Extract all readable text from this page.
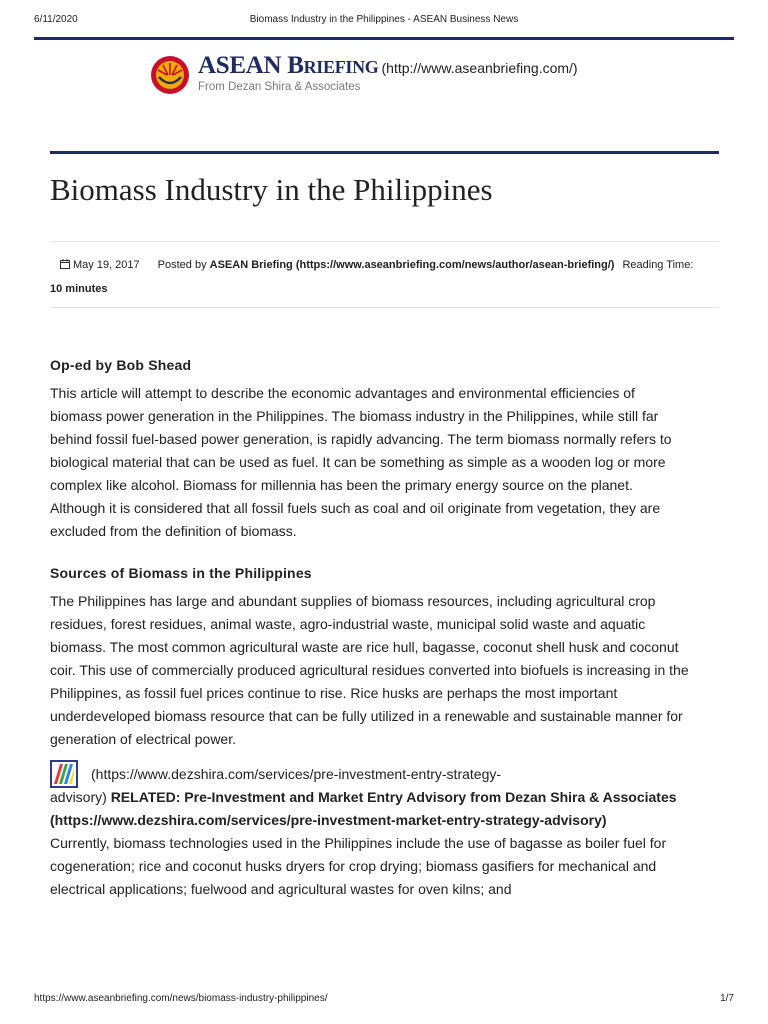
6/11/2020	Biomass Industry in the Philippines - ASEAN Business News
ASEAN Briefing (http://www.aseanbriefing.com/)
From Dezan Shira & Associates
Biomass Industry in the Philippines
May 19, 2017 Posted by ASEAN Briefing (https://www.aseanbriefing.com/news/author/asean-briefing/) Reading Time:
10 minutes
Op-ed by Bob Shead

This article will attempt to describe the economic advantages and environmental efficiencies of biomass power generation in the Philippines. The biomass industry in the Philippines, while still far behind fossil fuel-based power generation, is rapidly advancing. The term biomass normally refers to biological material that can be used as fuel. It can be something as simple as a wooden log or more complex like alcohol. Biomass for millennia has been the primary energy source on the planet. Although it is considered that all fossil fuels such as coal and oil originate from vegetation, they are excluded from the definition of biomass.

Sources of Biomass in the Philippines

The Philippines has large and abundant supplies of biomass resources, including agricultural crop residues, forest residues, animal waste, agro-industrial waste, municipal solid waste and aquatic biomass. The most common agricultural waste are rice hull, bagasse, coconut shell husk and coconut coir. This use of commercially produced agricultural residues converted into biofuels is increasing in the Philippines, as fossil fuel prices continue to rise. Rice husks are perhaps the most important underdeveloped biomass resource that can be fully utilized in a renewable and sustainable manner for generation of electrical power.

(https://www.dezshira.com/services/pre-investment-entry-strategy-
advisory) RELATED: Pre-Investment and Market Entry Advisory from Dezan Shira & Associates (https://www.dezshira.com/services/pre-investment-market-entry-strategy-advisory)

Currently, biomass technologies used in the Philippines include the use of bagasse as boiler fuel for cogeneration; rice and coconut husks dryers for crop drying; biomass gasifiers for mechanical and electrical applications; fuelwood and agricultural wastes for oven kilns; and

https://www.aseanbriefing.com/news/biomass-industry-philippines/	1/7
